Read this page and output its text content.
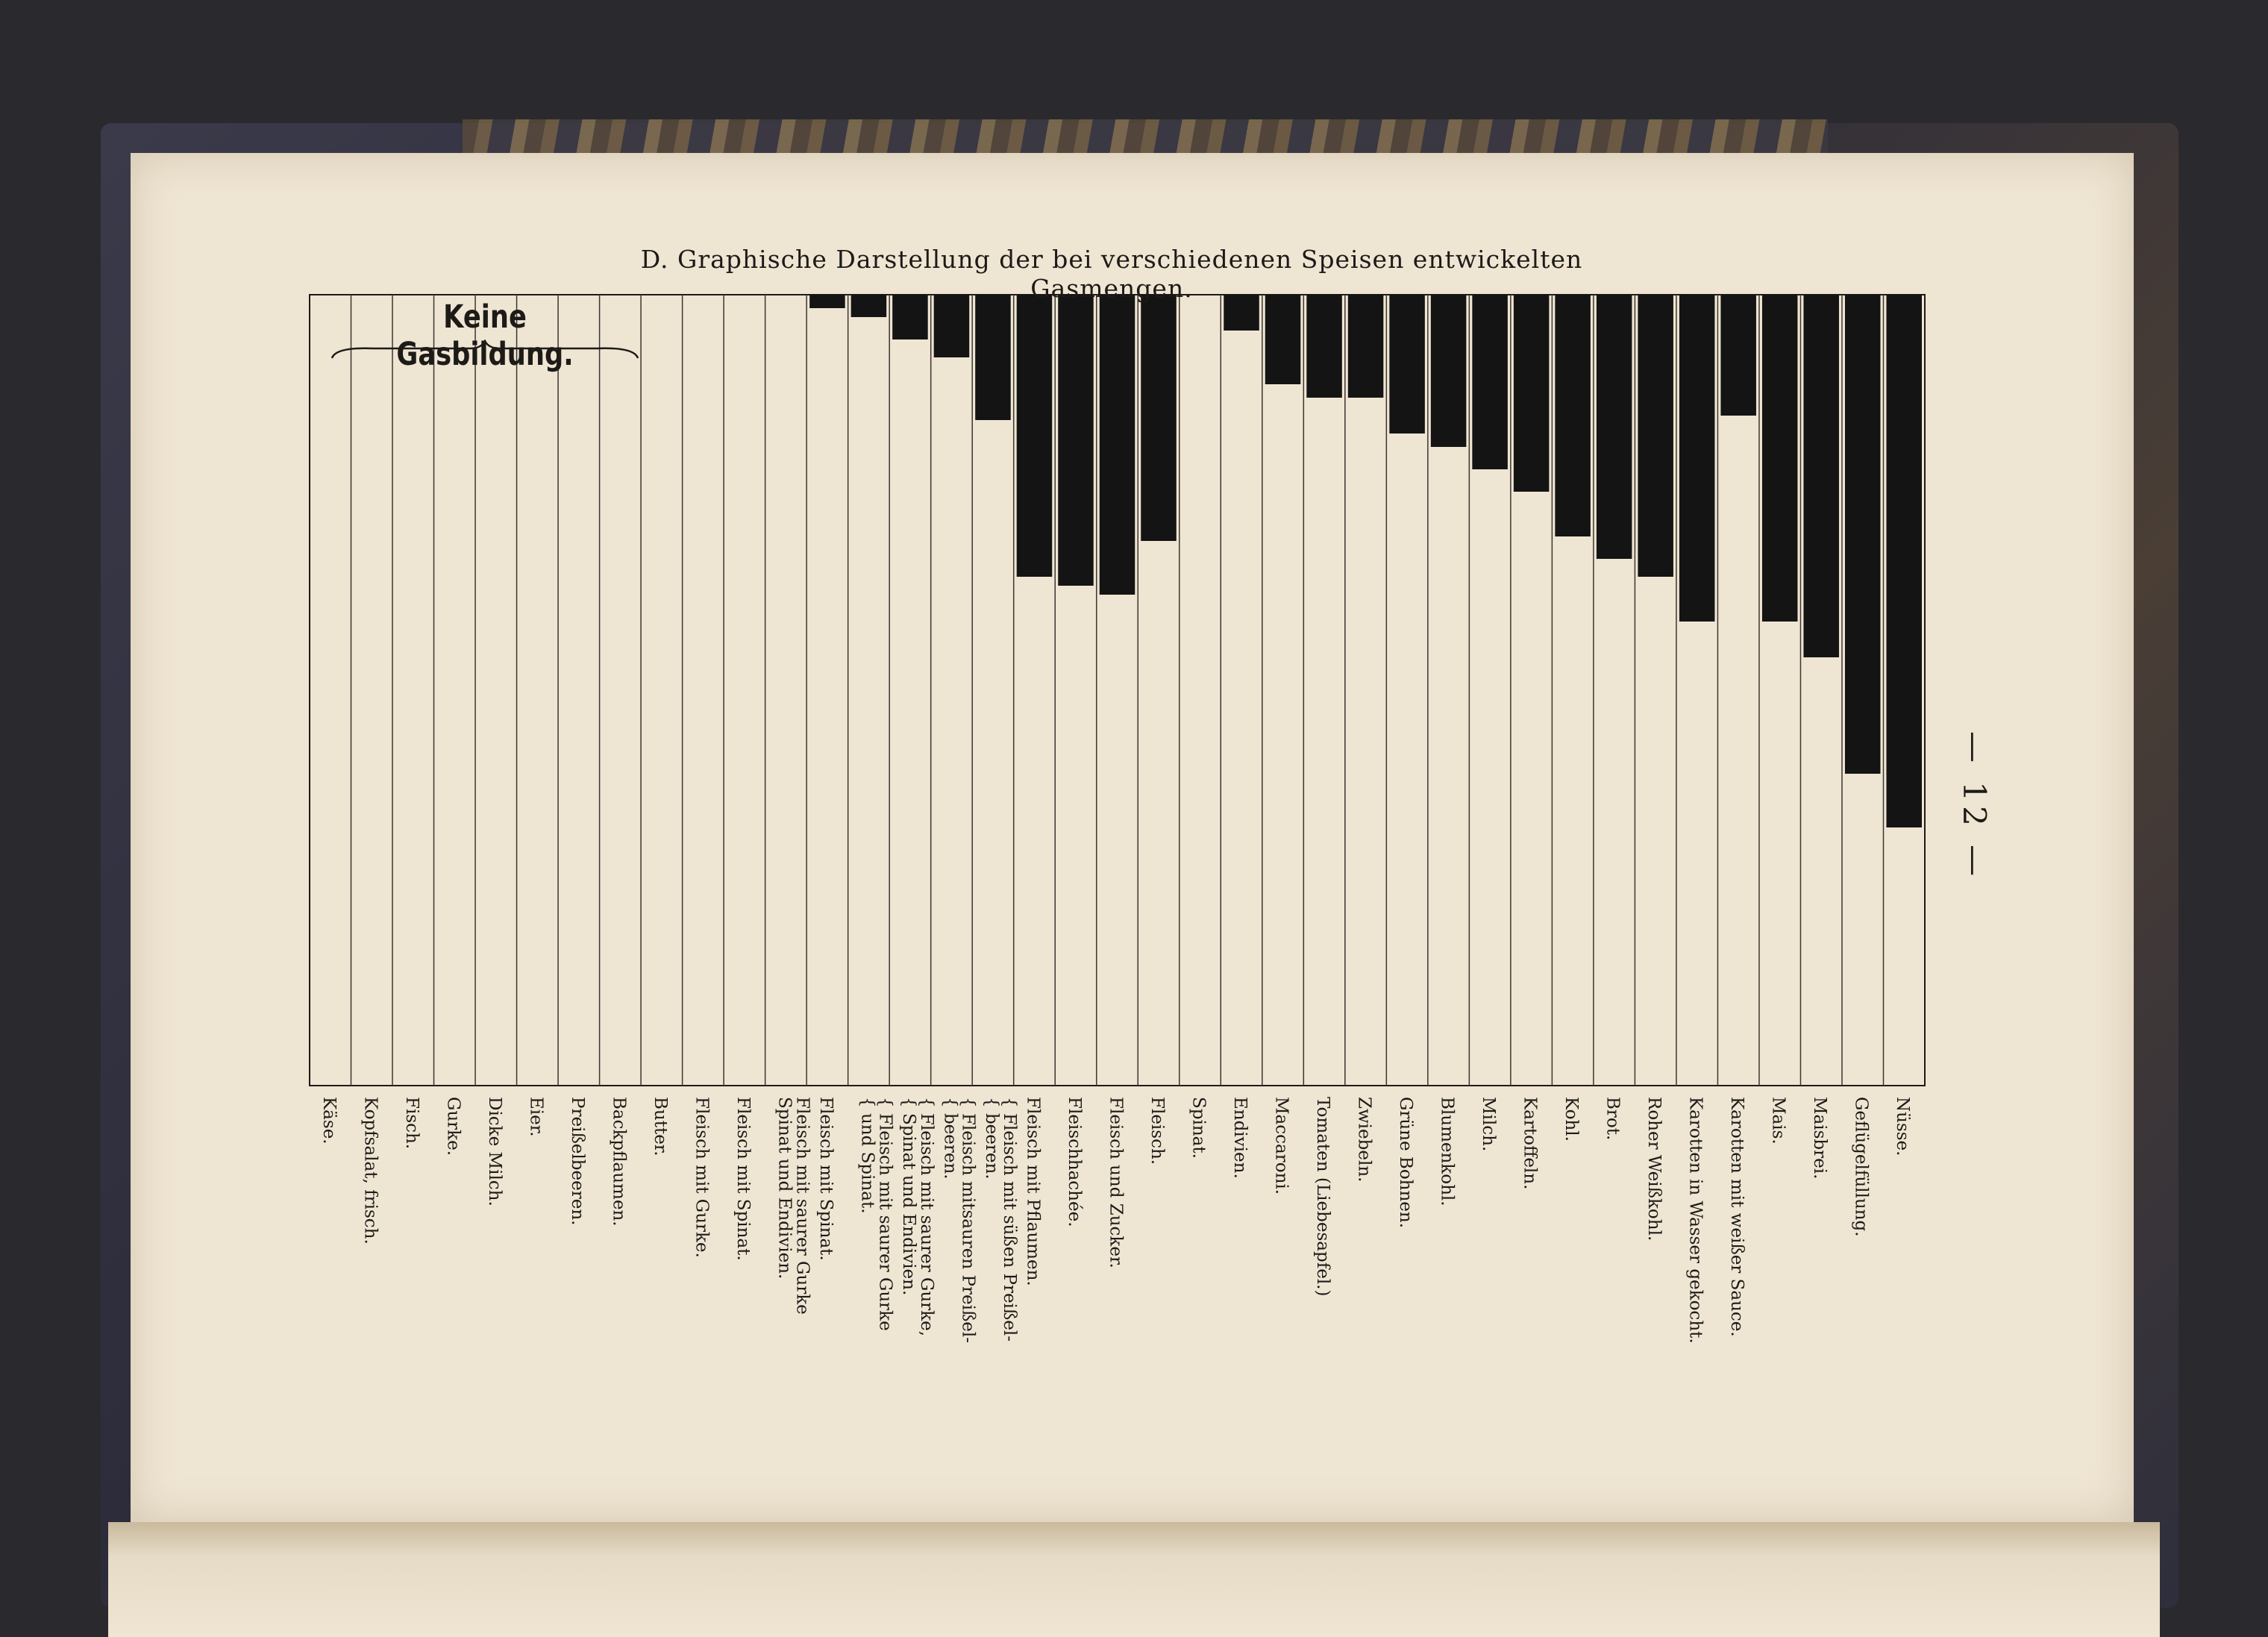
D. Graphische Darstellung der bei verschiedenen Speisen entwickelten Gasmengen.
Keine Gasbildung.
— 12 —
Käse. Kopfsalat, frisch. Fisch. Gurke. Dicke Milch. Eier. Preißelbeeren. Backpflaumen. Butter. Fleisch mit Gurke. Fleisch mit Spinat.	Fleisch mit saurer Gurke
Spinat und Endivien.	Fleisch mit Spinat.	{ Fleisch mit saurer Gurke
{ und Spinat.
{ Fleisch mit saurer Gurke,
{ Spinat und Endivien.
{ Fleisch mitsauren Preißel-
{ beeren.
{ Fleisch mit süßen Preißel-
{ beeren.	Fleisch mit Pflaumen. Fleischhachée. Fleisch und Zucker. Fleisch. Spinat. Endivien. Maccaroni. Tomaten (Liebesapfel.) Zwiebeln. Grüne Bohnen. Blumenkohl. Milch. Kartoffeln. Kohl. Brot. Roher Weißkohl. Karotten in Wasser gekocht. Karotten mit weißer Sauce. Mais. Maisbrei. Geflügelfüllung. Nüsse.
